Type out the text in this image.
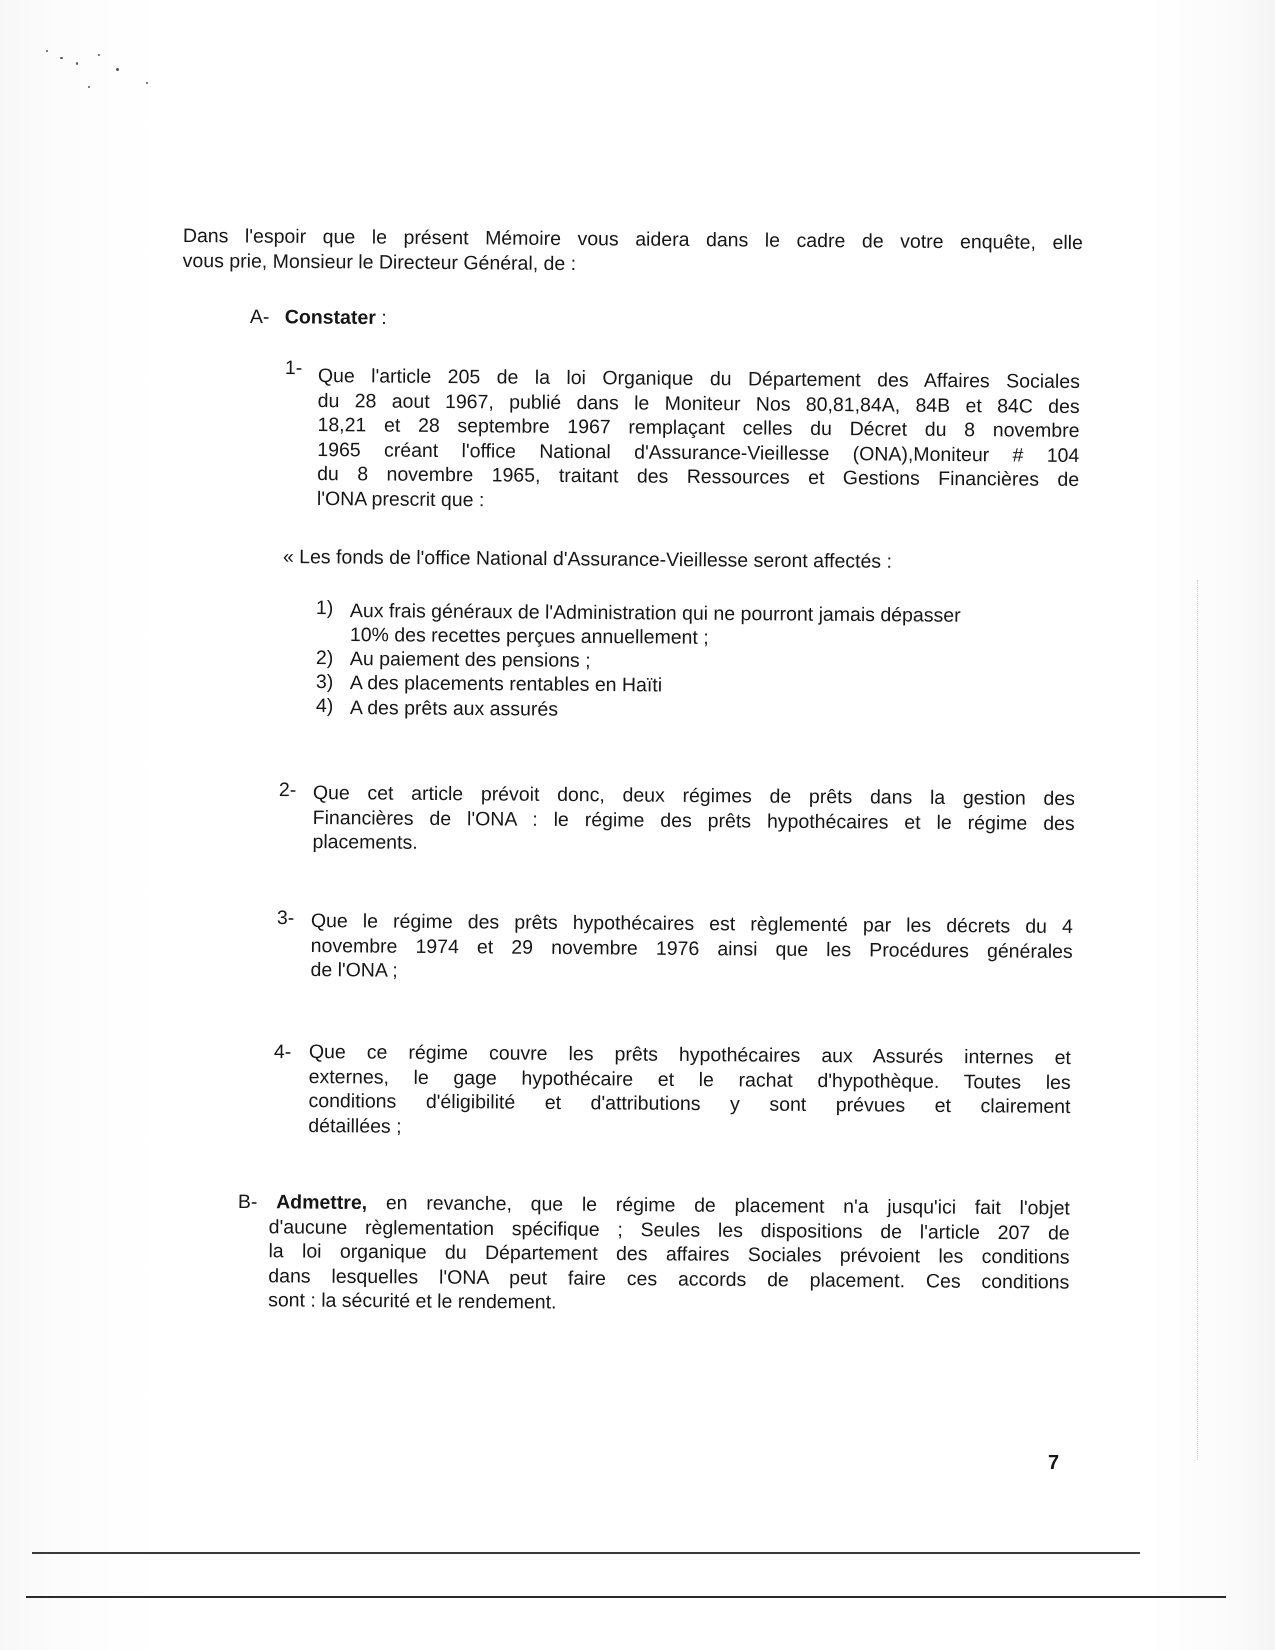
Dans l'espoir que le présent Mémoire vous aidera dans le cadre de votre enquête, elle
vous prie, Monsieur le Directeur Général, de :
A- Constater :
1- Que l'article 205 de la loi Organique du Département des Affaires Sociales
du 28 aout 1967, publié dans le Moniteur Nos 80,81,84A, 84B et 84C des
18,21 et 28 septembre 1967 remplaçant celles du Décret du 8 novembre
1965 créant l'office National d'Assurance-Vieillesse (ONA),Moniteur # 104
du 8 novembre 1965, traitant des Ressources et Gestions Financières de
l'ONA prescrit que :
« Les fonds de l'office National d'Assurance-Vieillesse seront affectés :
1) Aux frais généraux de l'Administration qui ne pourront jamais dépasser
10% des recettes perçues annuellement ;
2) Au paiement des pensions ;
3) A des placements rentables en Haïti
4) A des prêts aux assurés
2- Que cet article prévoit donc, deux régimes de prêts dans la gestion des
Financières de l'ONA : le régime des prêts hypothécaires et le régime des
placements.
3- Que le régime des prêts hypothécaires est règlementé par les décrets du 4
novembre 1974 et 29 novembre 1976 ainsi que les Procédures générales
de l'ONA ;
4- Que ce régime couvre les prêts hypothécaires aux Assurés internes et
externes, le gage hypothécaire et le rachat d'hypothèque. Toutes les
conditions d'éligibilité et d'attributions y sont prévues et clairement
détaillées ;
B- Admettre, en revanche, que le régime de placement n'a jusqu'ici fait l'objet
d'aucune règlementation spécifique ; Seules les dispositions de l'article 207 de
la loi organique du Département des affaires Sociales prévoient les conditions
dans lesquelles l'ONA peut faire ces accords de placement. Ces conditions
sont : la sécurité et le rendement.
7
